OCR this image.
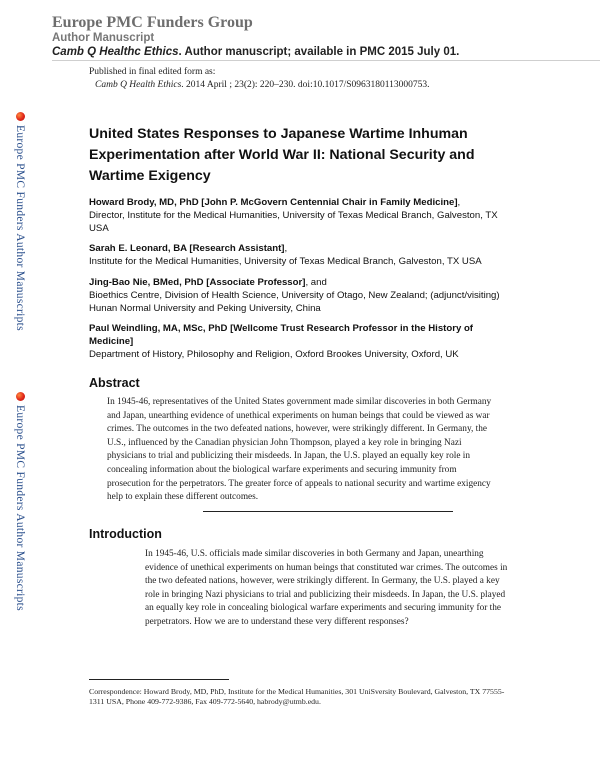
Europe PMC Funders Group
Author Manuscript
Camb Q Healthc Ethics. Author manuscript; available in PMC 2015 July 01.
Published in final edited form as:
Camb Q Health Ethics. 2014 April ; 23(2): 220–230. doi:10.1017/S0963180113000753.
Europe PMC Funders Author Manuscripts
Europe PMC Funders Author Manuscripts
United States Responses to Japanese Wartime Inhuman Experimentation after World War II: National Security and Wartime Exigency
Howard Brody, MD, PhD [John P. McGovern Centennial Chair in Family Medicine],
Director, Institute for the Medical Humanities, University of Texas Medical Branch, Galveston, TX USA
Sarah E. Leonard, BA [Research Assistant],
Institute for the Medical Humanities, University of Texas Medical Branch, Galveston, TX USA
Jing-Bao Nie, BMed, PhD [Associate Professor], and
Bioethics Centre, Division of Health Science, University of Otago, New Zealand; (adjunct/visiting) Hunan Normal University and Peking University, China
Paul Weindling, MA, MSc, PhD [Wellcome Trust Research Professor in the History of Medicine]
Department of History, Philosophy and Religion, Oxford Brookes University, Oxford, UK
Abstract
In 1945-46, representatives of the United States government made similar discoveries in both Germany and Japan, unearthing evidence of unethical experiments on human beings that could be viewed as war crimes. The outcomes in the two defeated nations, however, were strikingly different. In Germany, the U.S., influenced by the Canadian physician John Thompson, played a key role in bringing Nazi physicians to trial and publicizing their misdeeds. In Japan, the U.S. played an equally key role in concealing information about the biological warfare experiments and securing immunity from prosecution for the perpetrators. The greater force of appeals to national security and wartime exigency help to explain these different outcomes.
Introduction
In 1945-46, U.S. officials made similar discoveries in both Germany and Japan, unearthing evidence of unethical experiments on human beings that constituted war crimes. The outcomes in the two defeated nations, however, were strikingly different. In Germany, the U.S. played a key role in bringing Nazi physicians to trial and publicizing their misdeeds. In Japan, the U.S. played an equally key role in concealing biological warfare experiments and securing immunity for the perpetrators. How we are to understand these very different responses?
Correspondence: Howard Brody, MD, PhD, Institute for the Medical Humanities, 301 UniSversity Boulevard, Galveston, TX 77555-1311 USA, Phone 409-772-9386, Fax 409-772-5640, habrody@utmb.edu.
